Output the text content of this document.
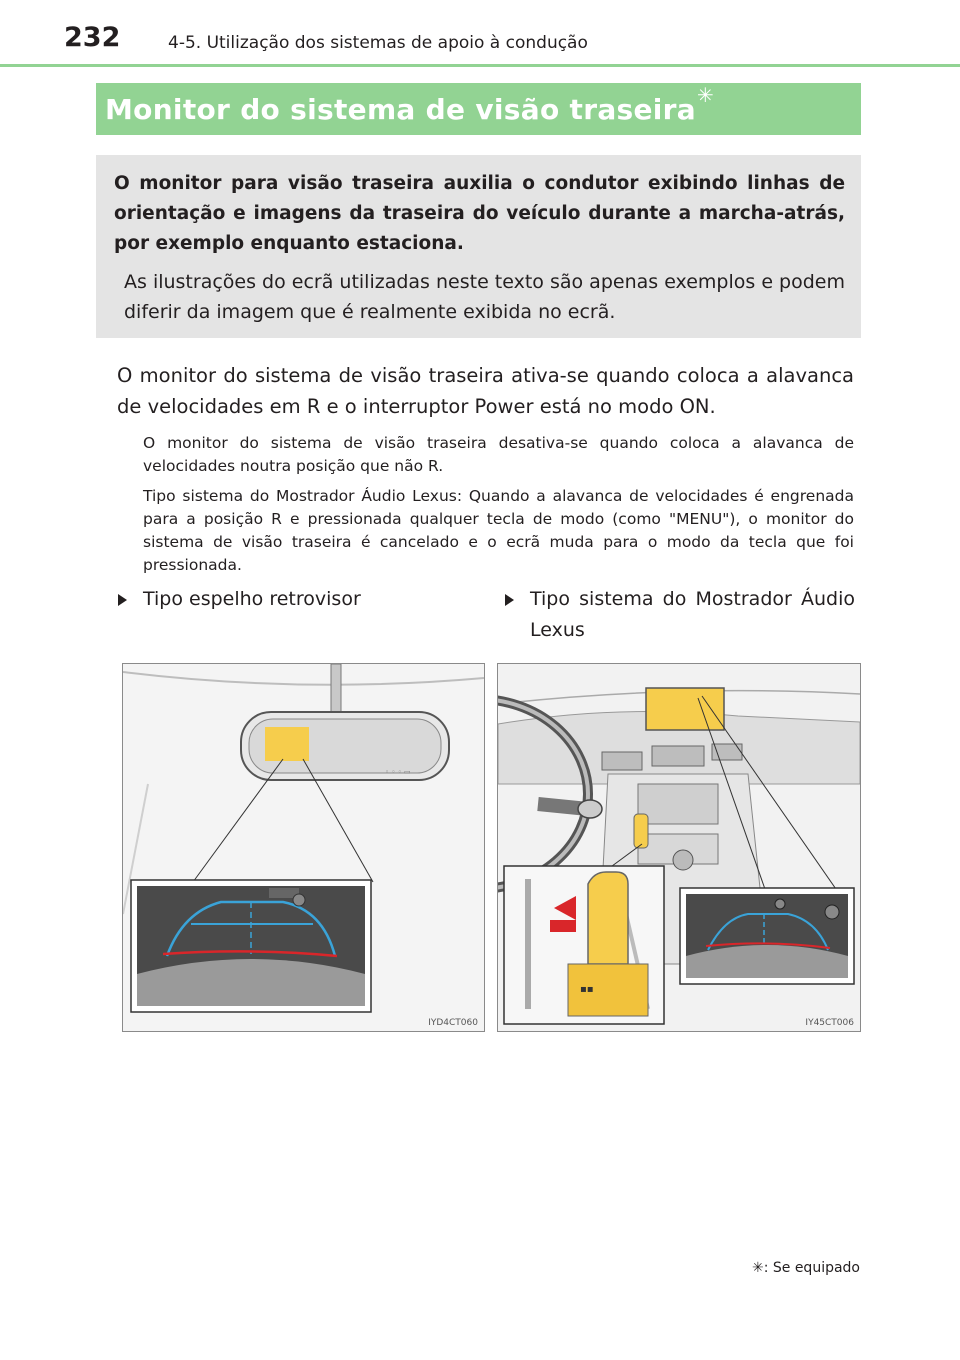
232	4-5. Utilização dos sistemas de apoio à condução
Monitor do sistema de visão traseira ✳

O monitor para visão traseira auxilia o condutor exibindo linhas de orientação e imagens da traseira do veículo durante a marcha-atrás, por exemplo enquanto estaciona.

As ilustrações do ecrã utilizadas neste texto são apenas exemplos e podem diferir da imagem que é realmente exibida no ecrã.

O monitor do sistema de visão traseira ativa-se quando coloca a alavanca de velocidades em R e o interruptor Power está no modo ON.

O monitor do sistema de visão traseira desativa-se quando coloca a alavanca de velocidades noutra posição que não R.

Tipo sistema do Mostrador Áudio Lexus: Quando a alavanca de velocidades é engrenada para a posição R e pressionada qualquer tecla de modo (como "MENU"), o monitor do sistema de visão traseira é cancelado e o ecrã muda para o modo da tecla que foi pressionada.

Tipo espelho retrovisor	Tipo sistema do Mostrador Áudio Lexus
◦ ◦ ◦ ▭
IYD4CT060
▪▪
IY45CT006
✳: Se equipado
